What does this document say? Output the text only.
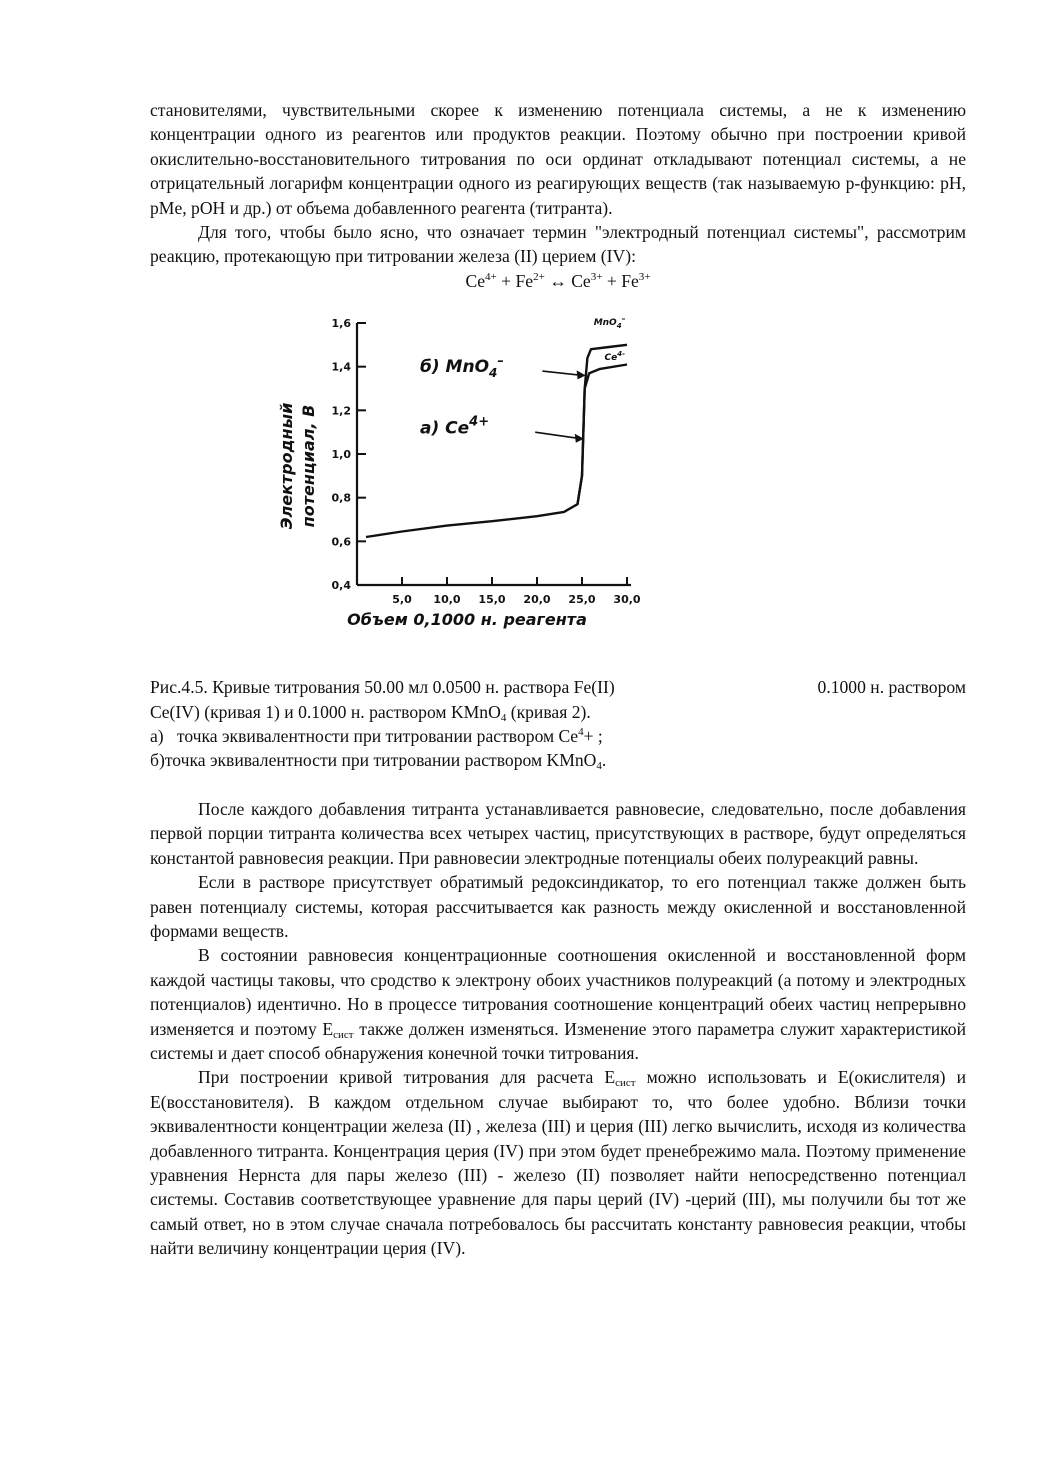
становителями, чувствительными скорее к изменению потенциала системы, а не к изменению концентрации одного из реагентов или продуктов реакции. Поэтому обычно при построении кривой окислительно-восстановительного титрования по оси ординат откладывают потенциал системы, а не отрицательный логарифм концентрации одного из реагирующих веществ (так называемую р-функцию: pH, pMe, pOH и др.) от объема добавленного реагента (титранта).

Для того, чтобы было ясно, что означает термин "электродный потенциал системы", рассмотрим реакцию, протекающую при титровании железа (II) церием (IV):

$Ce^{4+} + Fe^{2+}$ ↔ $Ce^{3+} + Fe^{3+}$

0,4
0,6
0,8
1,0
1,2
1,4
1,6
5,0 10,0 15,0 20,0 25,0 30,0
Объем 0,1000 н. реагента
Электродный потенциал, В
MnO$_4$–
$Ce^{4-}$
а) $Ce^{4+}$
б) MnO$_4$–
Рис.4.5. Кривые титрования 50.00 мл 0.0500 н. раствора Fe(II)	0.1000 н. раствором

Ce(IV) (кривая 1) и 0.1000 н. раствором KMnO$_4$ (кривая 2).

а) точка эквивалентности при титровании раствором $Ce^4+$ ;

б)точка эквивалентности при титровании раствором KMnO$_4$.

После каждого добавления титранта устанавливается равновесие, следовательно, после добавления первой порции титранта количества всех четырех частиц, присутствующих в растворе, будут определяться константой равновесия реакции. При равновесии электродные потенциалы обеих полуреакций равны.

Если в растворе присутствует обратимый редоксиндикатор, то его потенциал также должен быть равен потенциалу системы, которая рассчитывается как разность между окисленной и восстановленной формами веществ.

В состоянии равновесия концентрационные соотношения окисленной и восстановленной форм каждой частицы таковы, что сродство к электрону обоих участников полуреакций (а потому и электродных потенциалов) идентично. Но в процессе титрования соотношение концентраций обеих частиц непрерывно изменяется и поэтому $E_{сист}$ также должен изменяться. Изменение этого параметра служит характеристикой системы и дает способ обнаружения конечной точки титрования.

При построении кривой титрования для расчета $E_{сист}$ можно использовать и E(окислителя) и E(восстановителя). В каждом отдельном случае выбирают то, что более удобно. Вблизи точки эквивалентности концентрации железа (II) , железа (III) и церия (III) легко вычислить, исходя из количества добавленного титранта. Концентрация церия (IV) при этом будет пренебрежимо мала. Поэтому применение уравнения Нернста для пары железо (III) - железо (II) позволяет найти непосредственно потенциал системы. Составив соответствующее уравнение для пары церий (IV) -церий (III), мы получили бы тот же самый ответ, но в этом случае сначала потребовалось бы рассчитать константу равновесия реакции, чтобы найти величину концентрации церия (IV).
